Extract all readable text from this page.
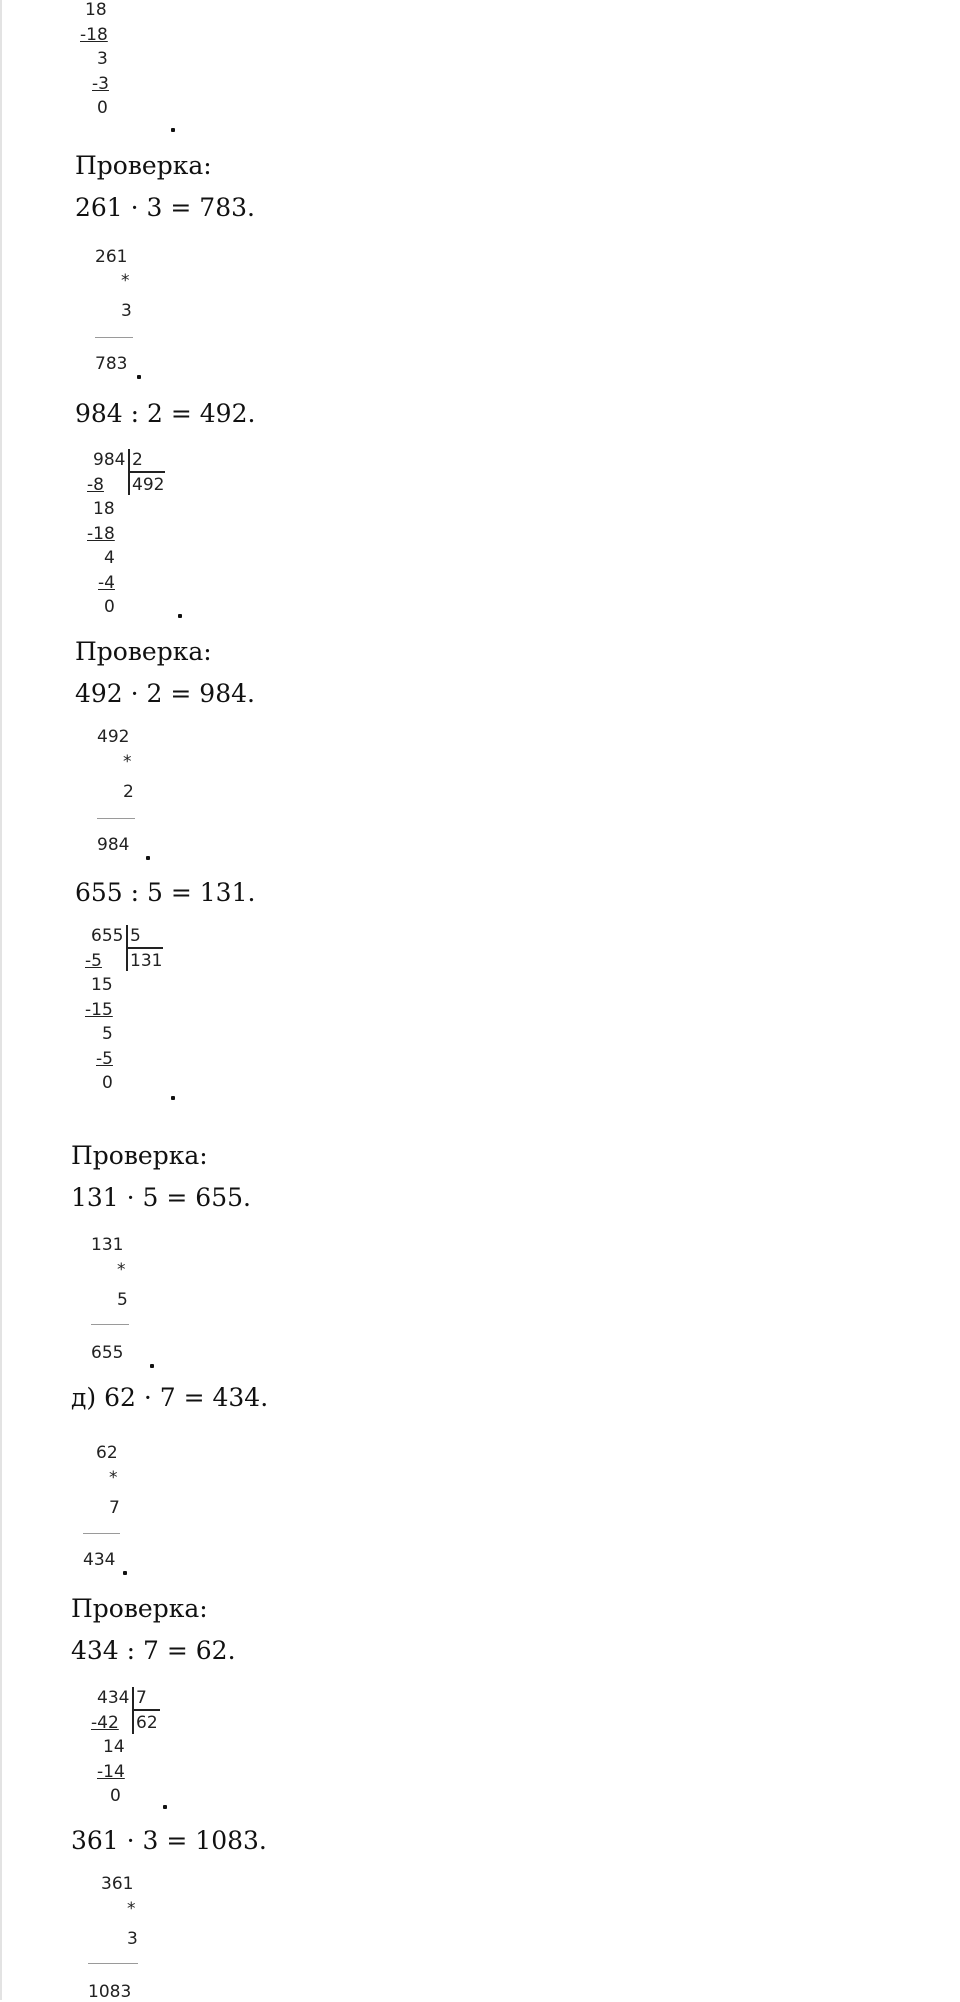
18
-18
3
-3
0
Проверка:
261 · 3 = 783.
261
*
3
783
984 : 2 = 492.
984 2
492
-8
18
-18
4
-4
0
Проверка:
492 · 2 = 984.
492
*
2
984
655 : 5 = 131.
655 5
131
-5
15
-15
5
-5
0
Проверка:
131 · 5 = 655.
131
*
5
655
д) 62 · 7 = 434.
62
*
7
434
Проверка:
434 : 7 = 62.
434 7
62
-42
14
-14
0
361 · 3 = 1083.
361
*
3
1083
